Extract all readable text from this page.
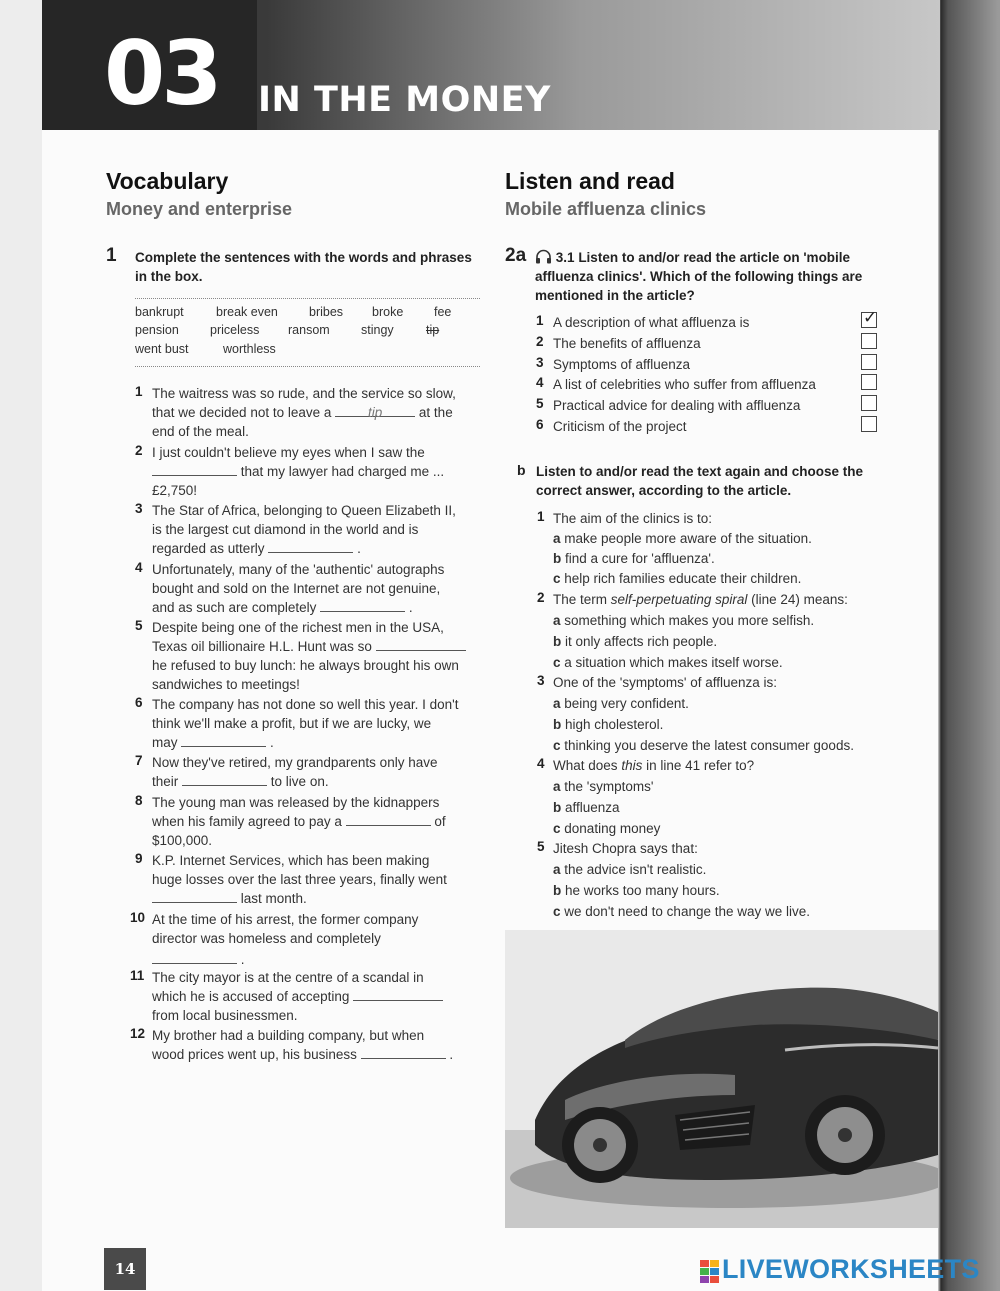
03 IN THE MONEY
Vocabulary
Money and enterprise
1 Complete the sentences with the words and phrases
in the box.
bankrupt	break even bribes broke fee
pension priceless ransom	stingy	tip
went bust	worthless
1 The waitress was so rude, and the service so slow,
that we decided not to leave a	tip	at the
end of the meal.
2 I just couldn't believe my eyes when I saw the
that my lawyer had charged me ...
£2,750!
3 The Star of Africa, belonging to Queen Elizabeth II,
is the largest cut diamond in the world and is
regarded as utterly	.
4 Unfortunately, many of the 'authentic' autographs
bought and sold on the Internet are not genuine,
and as such are completely	.
5 Despite being one of the richest men in the USA,
Texas oil billionaire H.L. Hunt was so
he refused to buy lunch: he always brought his own
sandwiches to meetings!
6 The company has not done so well this year. I don't
think we'll make a profit, but if we are lucky, we
may	.
7 Now they've retired, my grandparents only have
their	to live on.
8 The young man was released by the kidnappers
when his family agreed to pay a	of
$100,000.
9 K.P. Internet Services, which has been making
huge losses over the last three years, finally went
last month.
10 At the time of his arrest, the former company
director was homeless and completely
.
11 The city mayor is at the centre of a scandal in
which he is accused of accepting
from local businessmen.
12 My brother had a building company, but when
wood prices went up, his business	.
Listen and read
Mobile affluenza clinics
2a	3.1 Listen to and/or read the article on 'mobile
affluenza clinics'. Which of the following things are
mentioned in the article?
1 A description of what affluenza is	✓
2 The benefits of affluenza
3 Symptoms of affluenza
4 A list of celebrities who suffer from affluenza
5 Practical advice for dealing with affluenza
6 Criticism of the project
b Listen to and/or read the text again and choose the
correct answer, according to the article.
1 The aim of the clinics is to:
a make people more aware of the situation.
b find a cure for 'affluenza'.
c help rich families educate their children.
2 The term self-perpetuating spiral (line 24) means:
a something which makes you more selfish.
b it only affects rich people.
c a situation which makes itself worse.
3 One of the 'symptoms' of affluenza is:
a being very confident.
b high cholesterol.
c thinking you deserve the latest consumer goods.
4 What does this in line 41 refer to?
a the 'symptoms'
b affluenza
c donating money
5 Jitesh Chopra says that:
a the advice isn't realistic.
b he works too many hours.
c we don't need to change the way we live.
14	LIVEWORKSHEETS
